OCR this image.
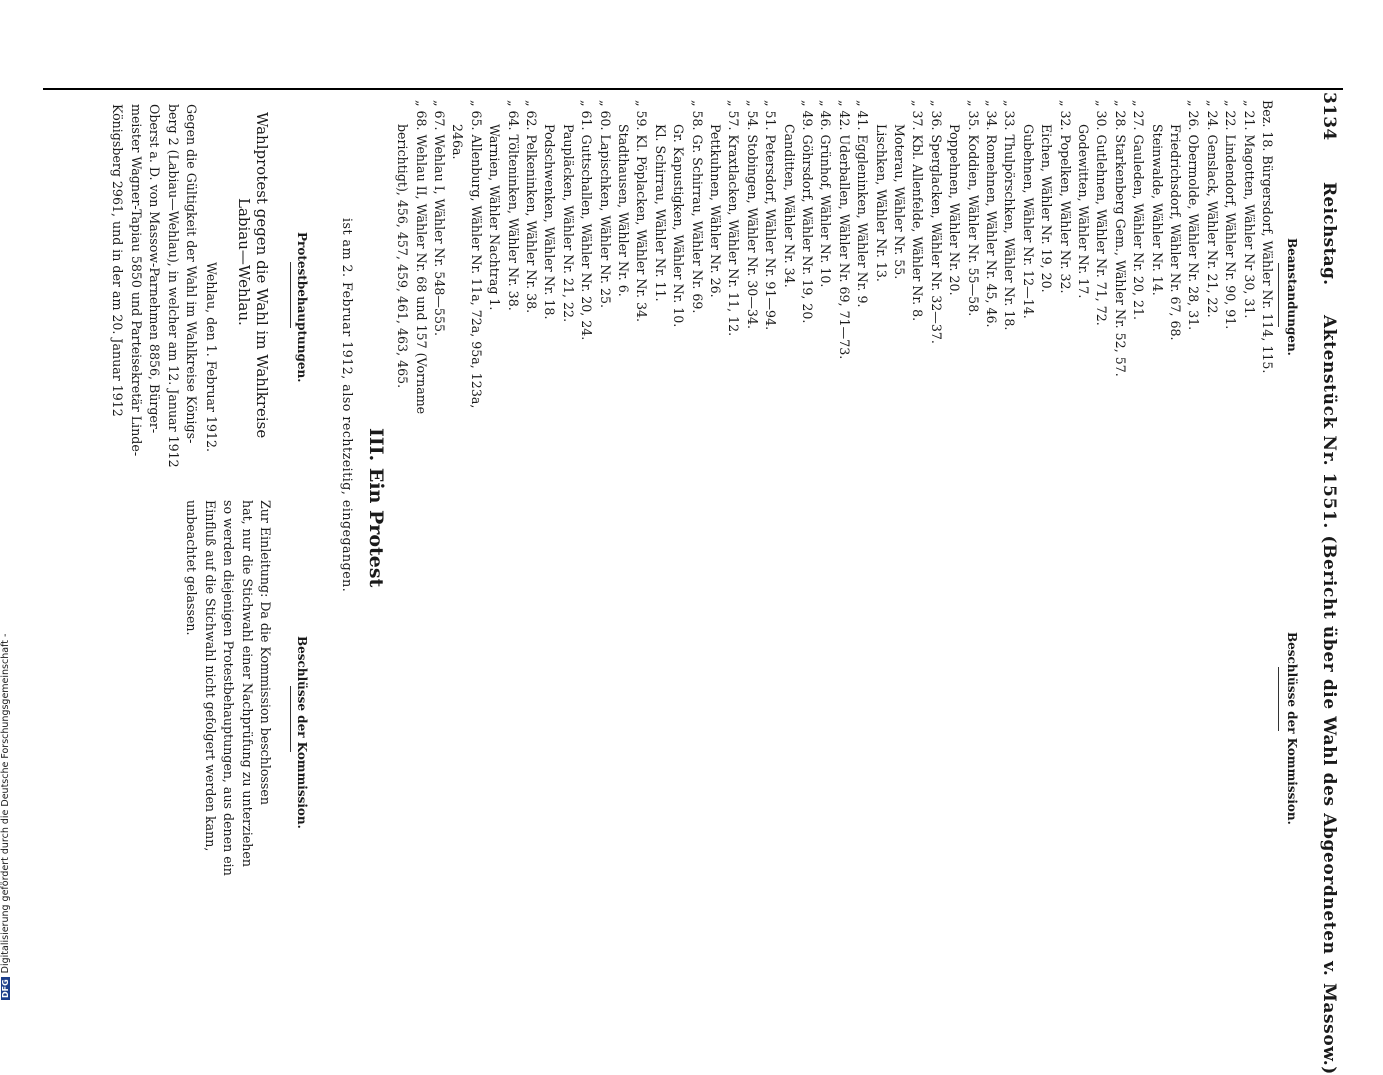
3134
Reichstag.
Aktenstück Nr. 1551. (Bericht über die Wahl des Abgeordneten v. Massow.)
Beanstandungen.
Beschlüsse der Kommission.
Bez. 18. Bürgersdorf, Wähler Nr. 114, 115.
„ 21. Magotten, Wähler Nr 30, 31.
„ 22. Lindendorf, Wähler Nr. 90, 91.
„ 24. Genslack, Wähler Nr. 21, 22.
„ 26. Obermolde, Wähler Nr. 28, 31.
Friedrichsdorf, Wähler Nr. 67, 68.
Steinwalde, Wähler Nr. 14.
„ 27. Gauleden, Wähler Nr. 20, 21.
„ 28. Starkenberg Gem., Wähler Nr. 52, 57.
„ 30. Gutlehnen, Wähler Nr. 71, 72.
Godewitten, Wähler Nr. 17.
„ 32. Popelken, Wähler Nr. 32.
Eichen, Wähler Nr. 19, 20.
Gubehnen, Wähler Nr. 12—14.
„ 33. Thulpörschken, Wähler Nr. 18.
„ 34. Romehnen, Wähler Nr. 45, 46.
„ 35. Koddien, Wähler Nr. 55—58.
Poppehnen, Wähler Nr. 20.
„ 36. Sperglacken, Wähler Nr. 32—37.
„ 37. Kbl. Allenfelde, Wähler Nr. 8.
Moterau, Wähler Nr. 55.
Lischken, Wähler Nr. 13.
„ 41. Eggleninken, Wähler Nr. 9.
„ 42. Uderballen, Wähler Nr. 69, 71—73.
„ 46. Grünhof, Wähler Nr. 10.
„ 49. Göhrsdorf, Wähler Nr. 19, 20.
Canditten, Wähler Nr. 34.
„ 51. Petersdorf, Wähler Nr. 91—94.
„ 54. Stobingen, Wähler Nr. 30—34.
„ 57. Kraxtlacken, Wähler Nr. 11, 12.
Pettkuhnen, Wähler Nr. 26.
„ 58. Gr. Schirrau, Wähler Nr. 69.
Gr. Kapustigken, Wähler Nr. 10.
Kl. Schirrau, Wähler Nr. 11.
„ 59. Kl. Pöplacken, Wähler Nr. 34.
Stadthausen, Wähler Nr. 6.
„ 60. Lapischken, Wähler Nr. 25.
„ 61. Guttschallen, Wähler Nr. 20, 24.
Paupläcken, Wähler Nr. 21, 22.
Podschwenken, Wähler Nr. 18.
„ 62. Pelkeninken, Wähler Nr. 38.
„ 64. Tölteninken, Wähler Nr. 38.
Warnien, Wähler Nachtrag 1.
„ 65. Allenburg, Wähler Nr. 11a, 72a, 95a, 123a,
246a.
„ 67. Wehlau I, Wähler Nr. 548—555.
„ 68. Wehlau II, Wähler Nr. 68 und 157 (Vorname
berichtigt), 456, 457, 459, 461, 463, 465.
III. Ein Protest
ist am 2. Februar 1912, also rechtzeitig, eingegangen.
Protestbehauptungen.
Wahlprotest gegen die Wahl im Wahlkreise
Labiau—Wehlau.
Wehlau, den 1. Februar 1912.
Gegen die Gültigkeit der Wahl im Wahlkreise Königs-
berg 2 (Labiau—Wehlau), in welcher am 12. Januar 1912
Oberst a. D. von Massow-Parnehmen 8856, Bürger-
meister Wagner-Tapiau 5850 und Parteisekretär Linde-
Königsberg 2961, und in der am 20. Januar 1912
Beschlüsse der Kommission.
Zur Einleitung: Da die Kommission beschlossen
hat, nur die Stichwahl einer Nachprüfung zu unterziehen
so werden diejenigen Protestbehauptungen, aus denen ein
Einfluß auf die Stichwahl nicht gefolgert werden kann,
unbeachtet gelassen.
DFGDigitalisierung gefördert durch die Deutsche Forschungsgemeinschaft -
